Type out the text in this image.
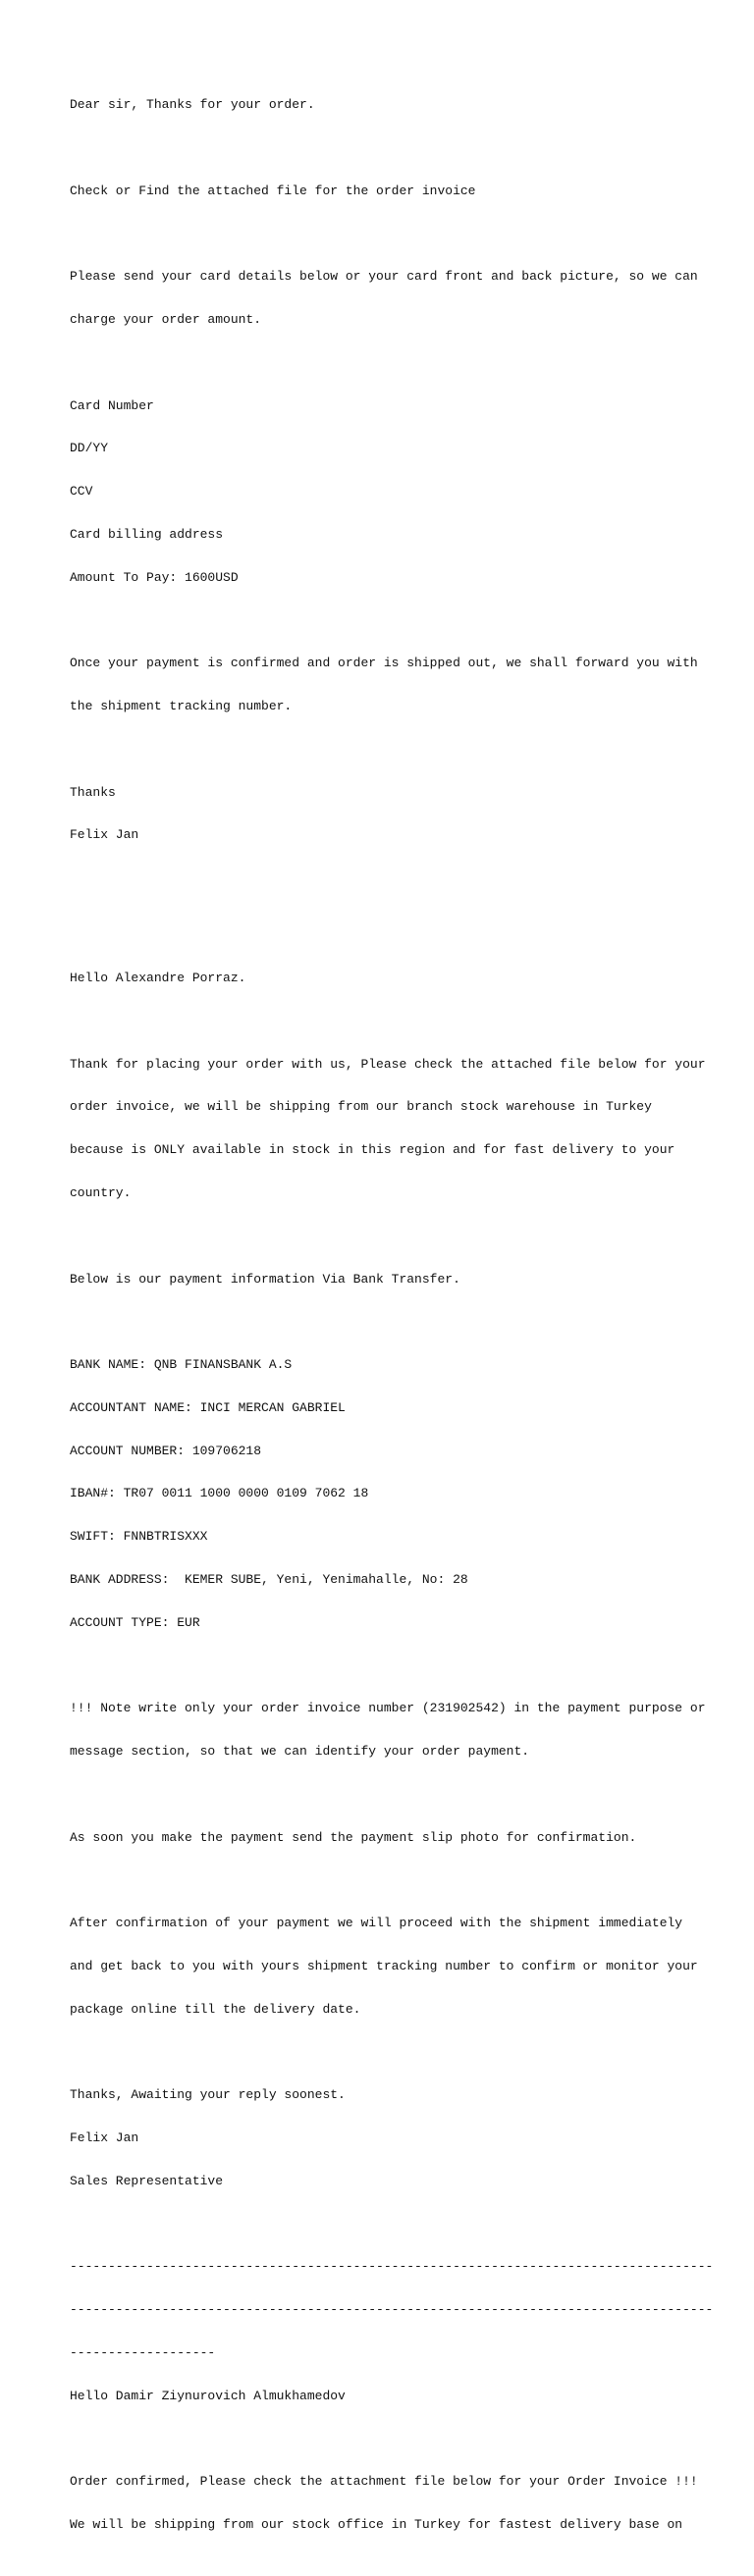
Dear sir, Thanks for your order.

Check or Find the attached file for the order invoice

Please send your card details below or your card front and back picture, so we can

charge your order amount.

Card Number

DD/YY

CCV

Card billing address

Amount To Pay: 1600USD

Once your payment is confirmed and order is shipped out, we shall forward you with

the shipment tracking number.

Thanks

Felix Jan

Hello Alexandre Porraz.

Thank for placing your order with us, Please check the attached file below for your

order invoice, we will be shipping from our branch stock warehouse in Turkey

because is ONLY available in stock in this region and for fast delivery to your

country.

Below is our payment information Via Bank Transfer.

BANK NAME: QNB FINANSBANK A.S

ACCOUNTANT NAME: INCI MERCAN GABRIEL

ACCOUNT NUMBER: 109706218

IBAN#: TR07 0011 1000 0000 0109 7062 18

SWIFT: FNNBTRISXXX

BANK ADDRESS:  KEMER SUBE, Yeni, Yenimahalle, No: 28

ACCOUNT TYPE: EUR

!!! Note write only your order invoice number (231902542) in the payment purpose or

message section, so that we can identify your order payment.

As soon you make the payment send the payment slip photo for confirmation.

After confirmation of your payment we will proceed with the shipment immediately

and get back to you with yours shipment tracking number to confirm or monitor your

package online till the delivery date.

Thanks, Awaiting your reply soonest.

Felix Jan

Sales Representative

------------------------------------------------------------------------------------

------------------------------------------------------------------------------------

-------------------

Hello Damir Ziynurovich Almukhamedov

Order confirmed, Please check the attachment file below for your Order Invoice !!!

We will be shipping from our stock office in Turkey for fastest delivery base on
